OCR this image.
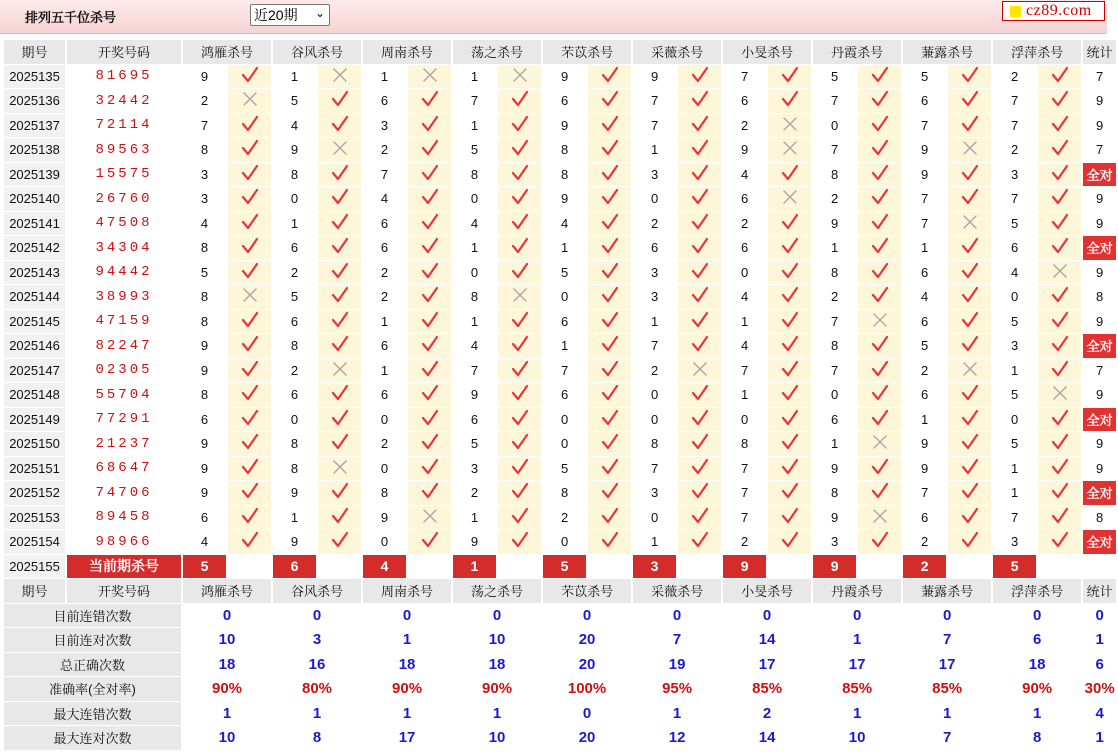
排列五千位杀号	近20期 ⌄	cz89.com
期号	开奖号码	鸿雁杀号		谷风杀号		周南杀号		荡之杀号		芣苡杀号		采薇杀号		小旻杀号		丹霞杀号		蒹露杀号		浮萍杀号		统计
2025135	81695	9		1		1		1		9		9		7		5		5		2		7
2025136	32442	2		5		6		7		6		7		6		7		6		7		9
2025137	72114	7		4		3		1		9		7		2		0		7		7		9
2025138	89563	8		9		2		5		8		1		9		7		9		2		7
2025139	15575	3		8		7		8		8		3		4		8		9		3		全对
2025140	26760	3		0		4		0		9		0		6		2		7		7		9
2025141	47508	4		1		6		4		4		2		2		9		7		5		9
2025142	34304	8		6		6		1		1		6		6		1		1		6		全对
2025143	94442	5		2		2		0		5		3		0		8		6		4		9
2025144	38993	8		5		2		8		0		3		4		2		4		0		8
2025145	47159	8		6		1		1		6		1		1		7		6		5		9
2025146	82247	9		8		6		4		1		7		4		8		5		3		全对
2025147	02305	9		2		1		7		7		2		7		7		2		1		7
2025148	55704	8		6		6		9		6		0		1		0		6		5		9
2025149	77291	6		0		0		6		0		0		0		6		1		0		全对
2025150	21237	9		8		2		5		0		8		8		1		9		5		9
2025151	68647	9		8		0		3		5		7		7		9		9		1		9
2025152	74706	9		9		8		2		8		3		7		8		7		1		全对
2025153	89458	6		1		9		1		2		0		7		9		6		7		8
2025154	98966	4		9		0		9		0		1		2		3		2		3		全对
2025155	当前期杀号	5		6		4		1		5		3		9		9		2		5		
期号	开奖号码	鸿雁杀号		谷风杀号		周南杀号		荡之杀号		芣苡杀号		采薇杀号		小旻杀号		丹霞杀号		蒹露杀号		浮萍杀号		统计
目前连错次数		0		0		0		0		0		0		0		0		0		0		0
目前连对次数		10		3		1		10		20		7		14		1		7		6		1
总正确次数		18		16		18		18		20		19		17		17		17		18		6
准确率(全对率)		90%		80%		90%		90%		100%		95%		85%		85%		85%		90%		30%
最大连错次数		1		1		1		1		0		1		2		1		1		1		4
最大连对次数		10		8		17		10		20		12		14		10		7		8		1
